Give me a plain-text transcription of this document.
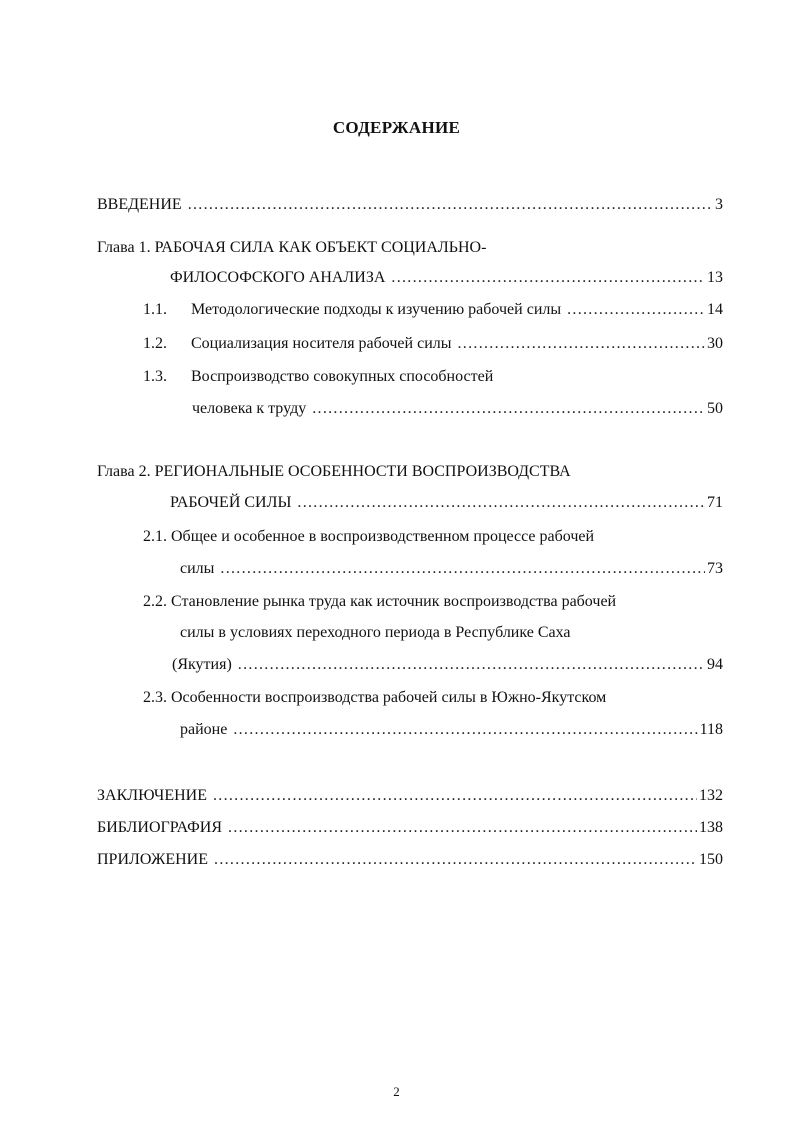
СОДЕРЖАНИЕ
ВВЕДЕНИЕ .....	3
Глава 1. РАБОЧАЯ СИЛА КАК ОБЪЕКТ СОЦИАЛЬНО-
ФИЛОСОФСКОГО АНАЛИЗА .....	13
1.1.	Методологические подходы к изучению рабочей силы .....	14
1.2.	Социализация носителя рабочей силы .....	30
1.3. Воспроизводство совокупных способностей
человека к труду .....	50
Глава 2. РЕГИОНАЛЬНЫЕ ОСОБЕННОСТИ ВОСПРОИЗВОДСТВА
РАБОЧЕЙ СИЛЫ .....	71
2.1. Общее и особенное в воспроизводственном процессе рабочей
силы .....	73
2.2. Становление рынка труда как источник воспроизводства рабочей
силы в условиях переходного периода в Республике Саха
(Якутия) .....	94
2.3. Особенности воспроизводства рабочей силы в Южно-Якутском
районе .....	118
ЗАКЛЮЧЕНИЕ .....	132
БИБЛИОГРАФИЯ .....	138
ПРИЛОЖЕНИЕ .....	150
2
